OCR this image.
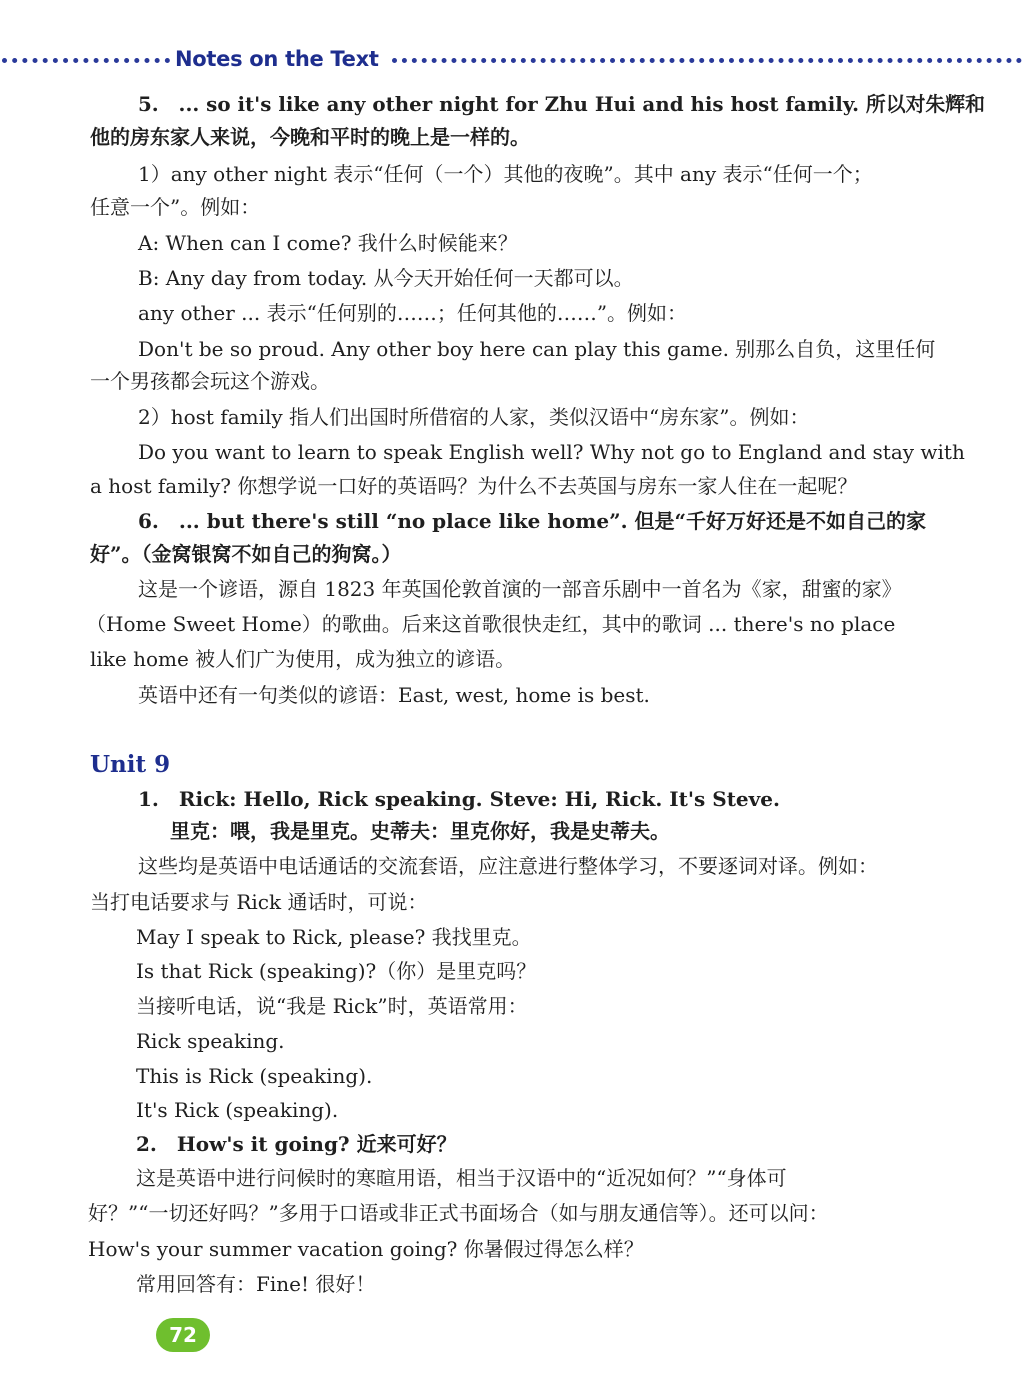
Notes on the Text
5.　... so it's like any other night for Zhu Hui and his host family. 所以对朱辉和
他的房东家人来说，今晚和平时的晚上是一样的。
1）any other night 表示“任何（一个）其他的夜晚”。其中 any 表示“任何一个；
任意一个”。例如：
A: When can I come? 我什么时候能来？
B: Any day from today. 从今天开始任何一天都可以。
any other ... 表示“任何别的……；任何其他的……”。例如：
Don't be so proud. Any other boy here can play this game. 别那么自负，这里任何
一个男孩都会玩这个游戏。
2）host family 指人们出国时所借宿的人家，类似汉语中“房东家”。例如：
Do you want to learn to speak English well? Why not go to England and stay with
a host family? 你想学说一口好的英语吗？为什么不去英国与房东一家人住在一起呢？
6.　... but there's still “no place like home”. 但是“千好万好还是不如自己的家
好”。（金窝银窝不如自己的狗窝。）
这是一个谚语，源自 1823 年英国伦敦首演的一部音乐剧中一首名为《家，甜蜜的家》
（Home Sweet Home）的歌曲。后来这首歌很快走红，其中的歌词 ... there's no place
like home 被人们广为使用，成为独立的谚语。
英语中还有一句类似的谚语：East, west, home is best.
Unit 9
1.　Rick: Hello, Rick speaking. Steve: Hi, Rick. It's Steve.
里克：喂，我是里克。史蒂夫：里克你好，我是史蒂夫。
这些均是英语中电话通话的交流套语，应注意进行整体学习，不要逐词对译。例如：
当打电话要求与 Rick 通话时，可说：
May I speak to Rick, please? 我找里克。
Is that Rick (speaking)?（你）是里克吗？
当接听电话，说“我是 Rick”时，英语常用：
Rick speaking.
This is Rick (speaking).
It's Rick (speaking).
2.　How's it going? 近来可好？
这是英语中进行问候时的寒暄用语，相当于汉语中的“近况如何？”“身体可
好？”“一切还好吗？”多用于口语或非正式书面场合（如与朋友通信等）。还可以问：
How's your summer vacation going? 你暑假过得怎么样？
常用回答有：Fine! 很好！
72
